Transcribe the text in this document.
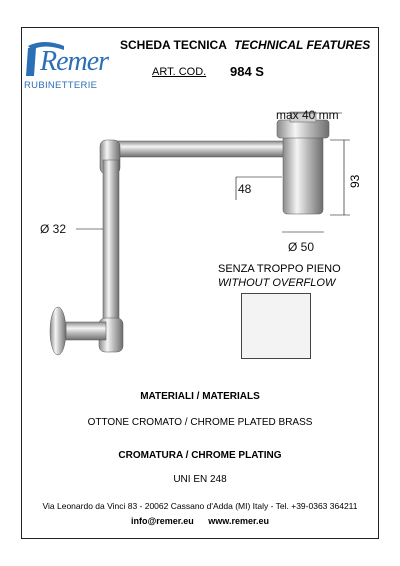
Remer
RUBINETTERIE
SCHEDA TECNICA TECHNICAL FEATURES
ART. COD. 984 S
max 40 mm
93
48
Ø 32
Ø 50
SENZA TROPPO PIENO
WITHOUT OVERFLOW
MATERIALI / MATERIALS
OTTONE CROMATO / CHROME PLATED BRASS
CROMATURA / CHROME PLATING
UNI EN 248
Via Leonardo da Vinci 83 - 20062 Cassano d'Adda (MI) Italy - Tel. +39-0363 364211
info@remer.eu www.remer.eu
